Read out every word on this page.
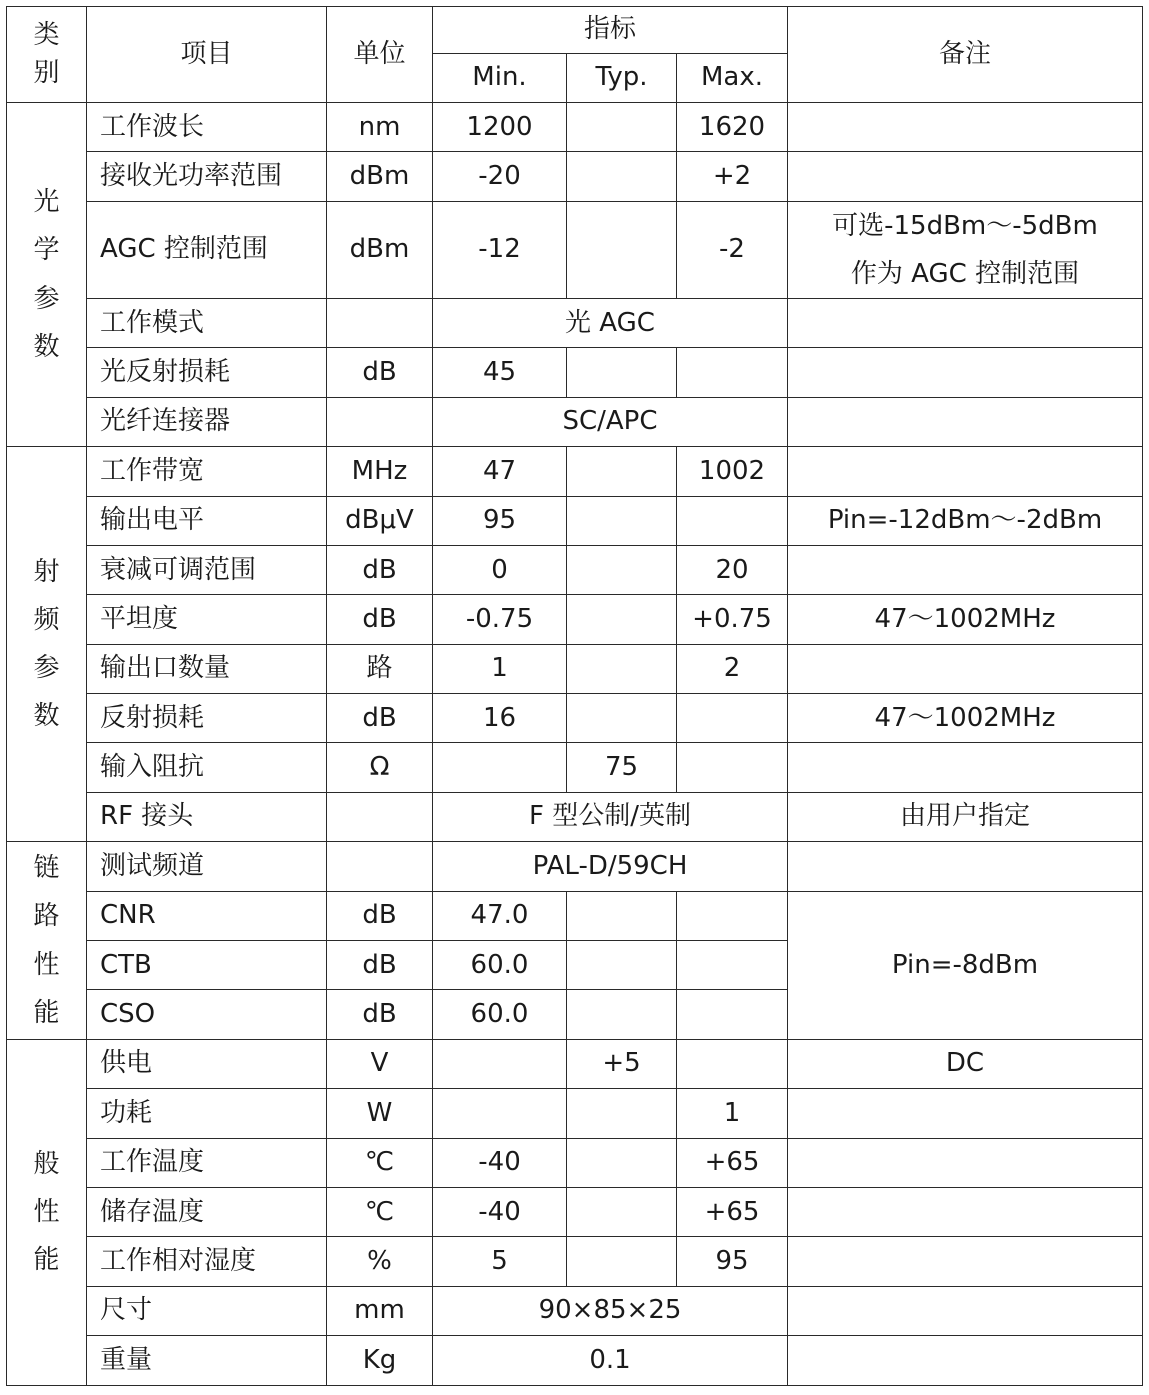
类
别	项目	单位	指标			备注
			Min.	Typ.	Max.	

光
学
参
数	工作波长	nm	1200		1620	
	接收光功率范围	dBm	-20		+2	
	AGC 控制范围	dBm	-12		-2	可选-15dBm～-5dBm
作为 AGC 控制范围

	工作模式		光 AGC			
	光反射损耗	dB	45			
	光纤连接器		SC/APC			

射
频
参
数	工作带宽	MHz	47		1002	
	输出电平	dBμV	95			Pin=-12dBm～-2dBm
	衰减可调范围	dB	0		20	
	平坦度	dB	-0.75		+0.75	47～1002MHz
	输出口数量	路	1		2	
	反射损耗	dB	16			47～1002MHz
	输入阻抗	Ω		75		
	RF 接头		F 型公制/英制			由用户指定

链
路
性
能	测试频道		PAL-D/59CH			
	CNR	dB	47.0			Pin=-8dBm
	CTB	dB	60.0			
	CSO	dB	60.0			

般
性
能	供电	V		+5		DC
	功耗	W			1	
	工作温度	℃	-40		+65	
	储存温度	℃	-40		+65	
	工作相对湿度	%	5		95	
	尺寸	mm	90×85×25			
	重量	Kg	0.1			
